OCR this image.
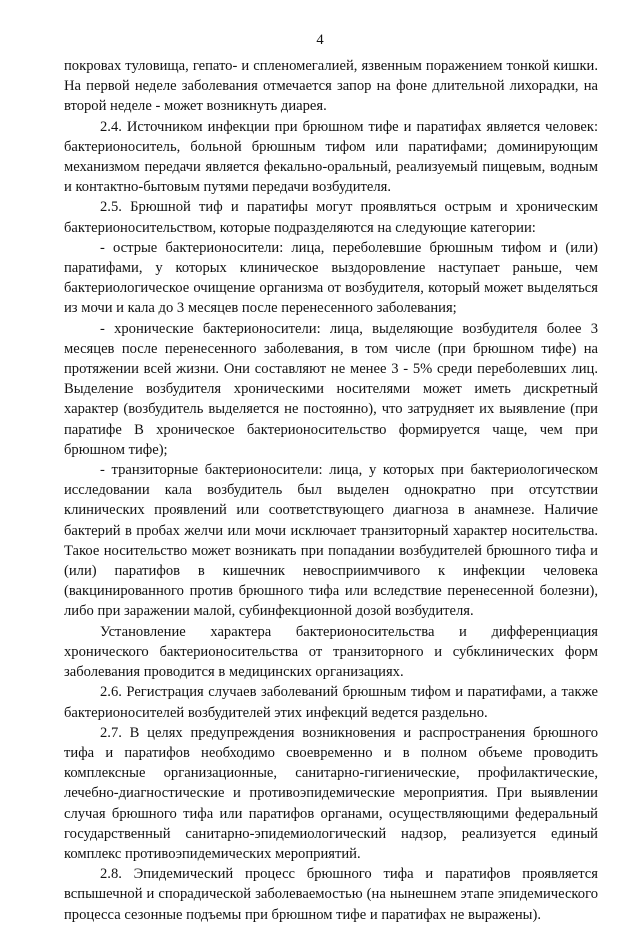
4

покровах туловища, гепато- и спленомегалией, язвенным поражением тонкой кишки. На первой неделе заболевания отмечается запор на фоне длительной лихорадки, на второй неделе - может возникнуть диарея.

2.4. Источником инфекции при брюшном тифе и паратифах является человек: бактерионоситель, больной брюшным тифом или паратифами; доминирующим механизмом передачи является фекально-оральный, реализуемый пищевым, водным и контактно-бытовым путями передачи возбудителя.

2.5. Брюшной тиф и паратифы могут проявляться острым и хроническим бактерионосительством, которые подразделяются на следующие категории:

- острые бактерионосители: лица, переболевшие брюшным тифом и (или) паратифами, у которых клиническое выздоровление наступает раньше, чем бактериологическое очищение организма от возбудителя, который может выделяться из мочи и кала до 3 месяцев после перенесенного заболевания;

- хронические бактерионосители: лица, выделяющие возбудителя более 3 месяцев после перенесенного заболевания, в том числе (при брюшном тифе) на протяжении всей жизни. Они составляют не менее 3 - 5% среди переболевших лиц. Выделение возбудителя хроническими носителями может иметь дискретный характер (возбудитель выделяется не постоянно), что затрудняет их выявление (при паратифе В хроническое бактерионосительство формируется чаще, чем при брюшном тифе);

- транзиторные бактерионосители: лица, у которых при бактериологическом исследовании кала возбудитель был выделен однократно при отсутствии клинических проявлений или соответствующего диагноза в анамнезе. Наличие бактерий в пробах желчи или мочи исключает транзиторный характер носительства. Такое носительство может возникать при попадании возбудителей брюшного тифа и (или) паратифов в кишечник невосприимчивого к инфекции человека (вакцинированного против брюшного тифа или вследствие перенесенной болезни), либо при заражении малой, субинфекционной дозой возбудителя.

Установление характера бактерионосительства и дифференциация хронического бактерионосительства от транзиторного и субклинических форм заболевания проводится в медицинских организациях.

2.6. Регистрация случаев заболеваний брюшным тифом и паратифами, а также бактерионосителей возбудителей этих инфекций ведется раздельно.

2.7. В целях предупреждения возникновения и распространения брюшного тифа и паратифов необходимо своевременно и в полном объеме проводить комплексные организационные, санитарно-гигиенические, профилактические, лечебно-диагностические и противоэпидемические мероприятия. При выявлении случая брюшного тифа или паратифов органами, осуществляющими федеральный государственный санитарно-эпидемиологический надзор, реализуется единый комплекс противоэпидемических мероприятий.

2.8. Эпидемический процесс брюшного тифа и паратифов проявляется вспышечной и спорадической заболеваемостью (на нынешнем этапе эпидемического процесса сезонные подъемы при брюшном тифе и паратифах не выражены).
